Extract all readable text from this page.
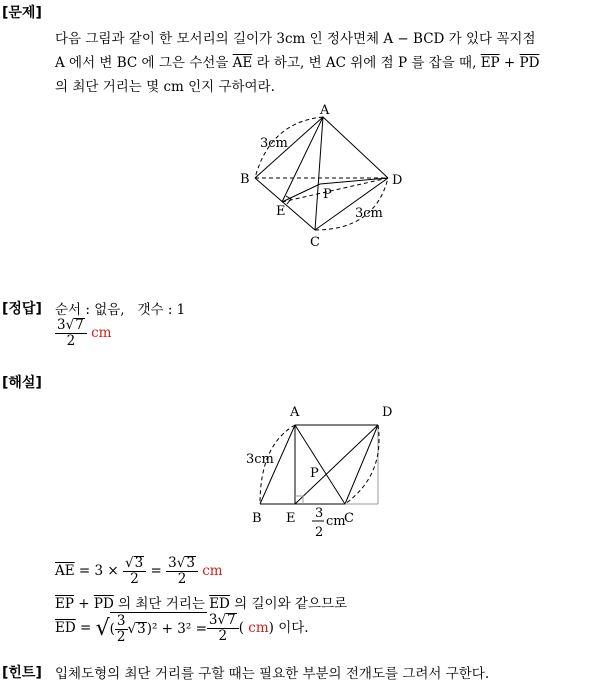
[문제]
다음 그림과 같이 한 모서리의 길이가 3cm 인 정사면체 A − BCD 가 있다 꼭지점
A 에서 변 BC 에 그은 수선을 $\overline{AE}$ 라 하고, 변 AC 위에 점 P 를 잡을 때, $\overline{EP} + \overline{PD}$
의 최단 거리는 몇 cm 인지 구하여라.
A
B
C
D
E
P
3cm
3cm
[정답] 순서 : 없음, 갯수 : 1
$\frac{3√7}{2}$ cm
[해설]
A	D
B E	C
P
3cm
3
2
cm
$\overline{AE} = 3 \times \frac{√3}{2} = \frac{3√3}{2}$ cm
$\overline{EP} + \overline{PD}$ 의 최단 거리는 $\overline{ED}$ 의 길이와 같으므로
$\overline{ED}$ = √( $\frac{3}{2} √3)^2 + 3^2 = \frac{3√7}{2}$ ( cm) 이다.
[힌트] 입체도형의 최단 거리를 구할 때는 필요한 부분의 전개도를 그려서 구한다.
